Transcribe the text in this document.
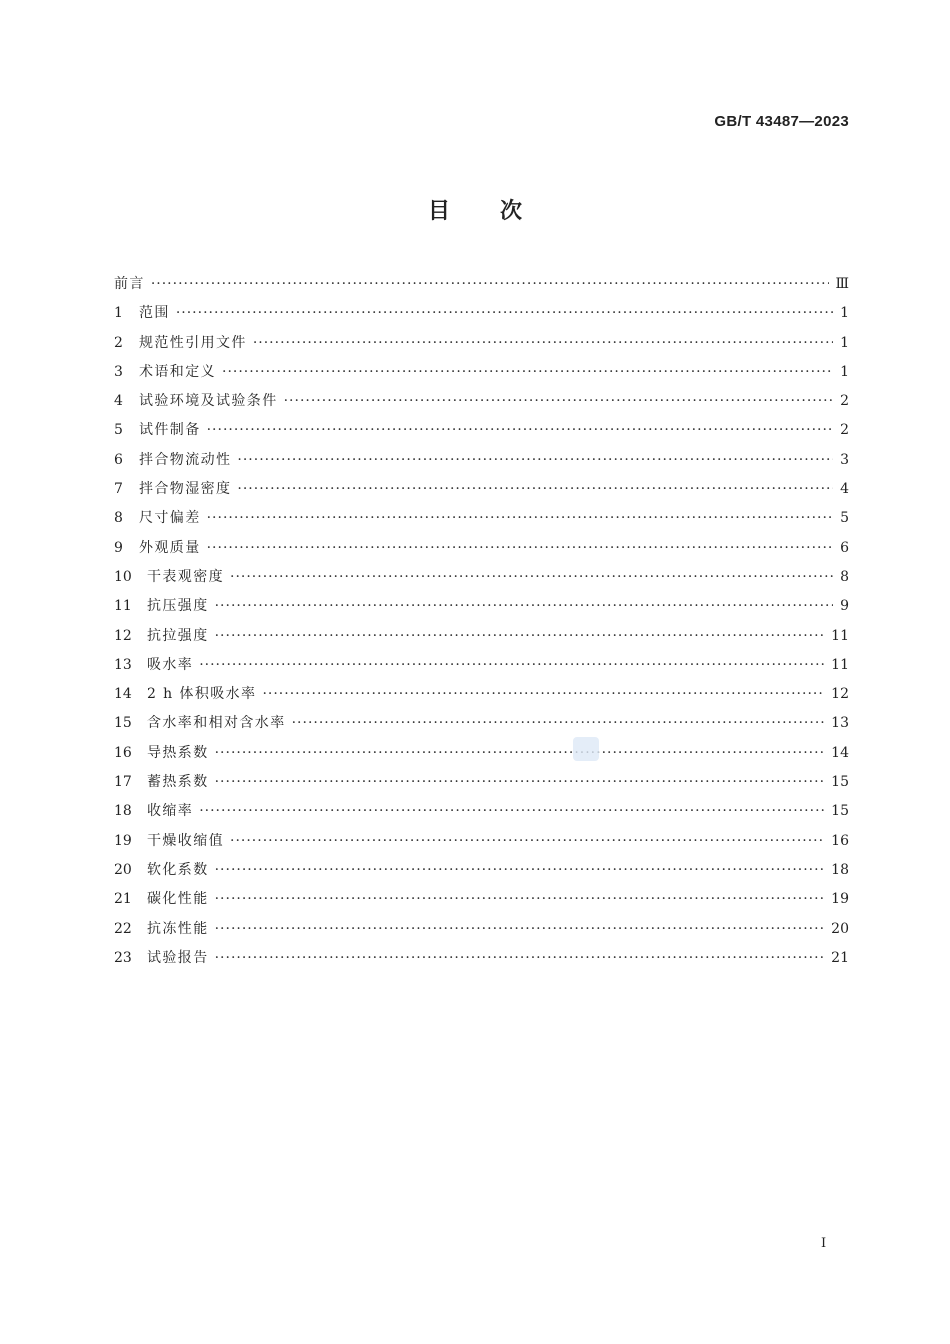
GB/T 43487—2023
目 次
前言 ·····	Ⅲ
1	范围 ·····	1
2	规范性引用文件 ·····	1
3	术语和定义 ·····	1
4	试验环境及试验条件 ·····	2
5	试件制备 ·····	2
6	拌合物流动性 ·····	3
7	拌合物湿密度 ·····	4
8	尺寸偏差 ·····	5
9	外观质量 ·····	6
10	干表观密度 ·····	8
11	抗压强度 ·····	9
12	抗拉强度 ·····	11
13	吸水率 ·····	11
14	2 h 体积吸水率 ·····	12
15	含水率和相对含水率 ·····	13
16	导热系数 ·····	14
17	蓄热系数 ·····	15
18	收缩率 ·····	15
19	干燥收缩值 ·····	16
20	软化系数 ·····	18
21	碳化性能 ·····	19
22	抗冻性能 ·····	20
23	试验报告 ·····	21
I
